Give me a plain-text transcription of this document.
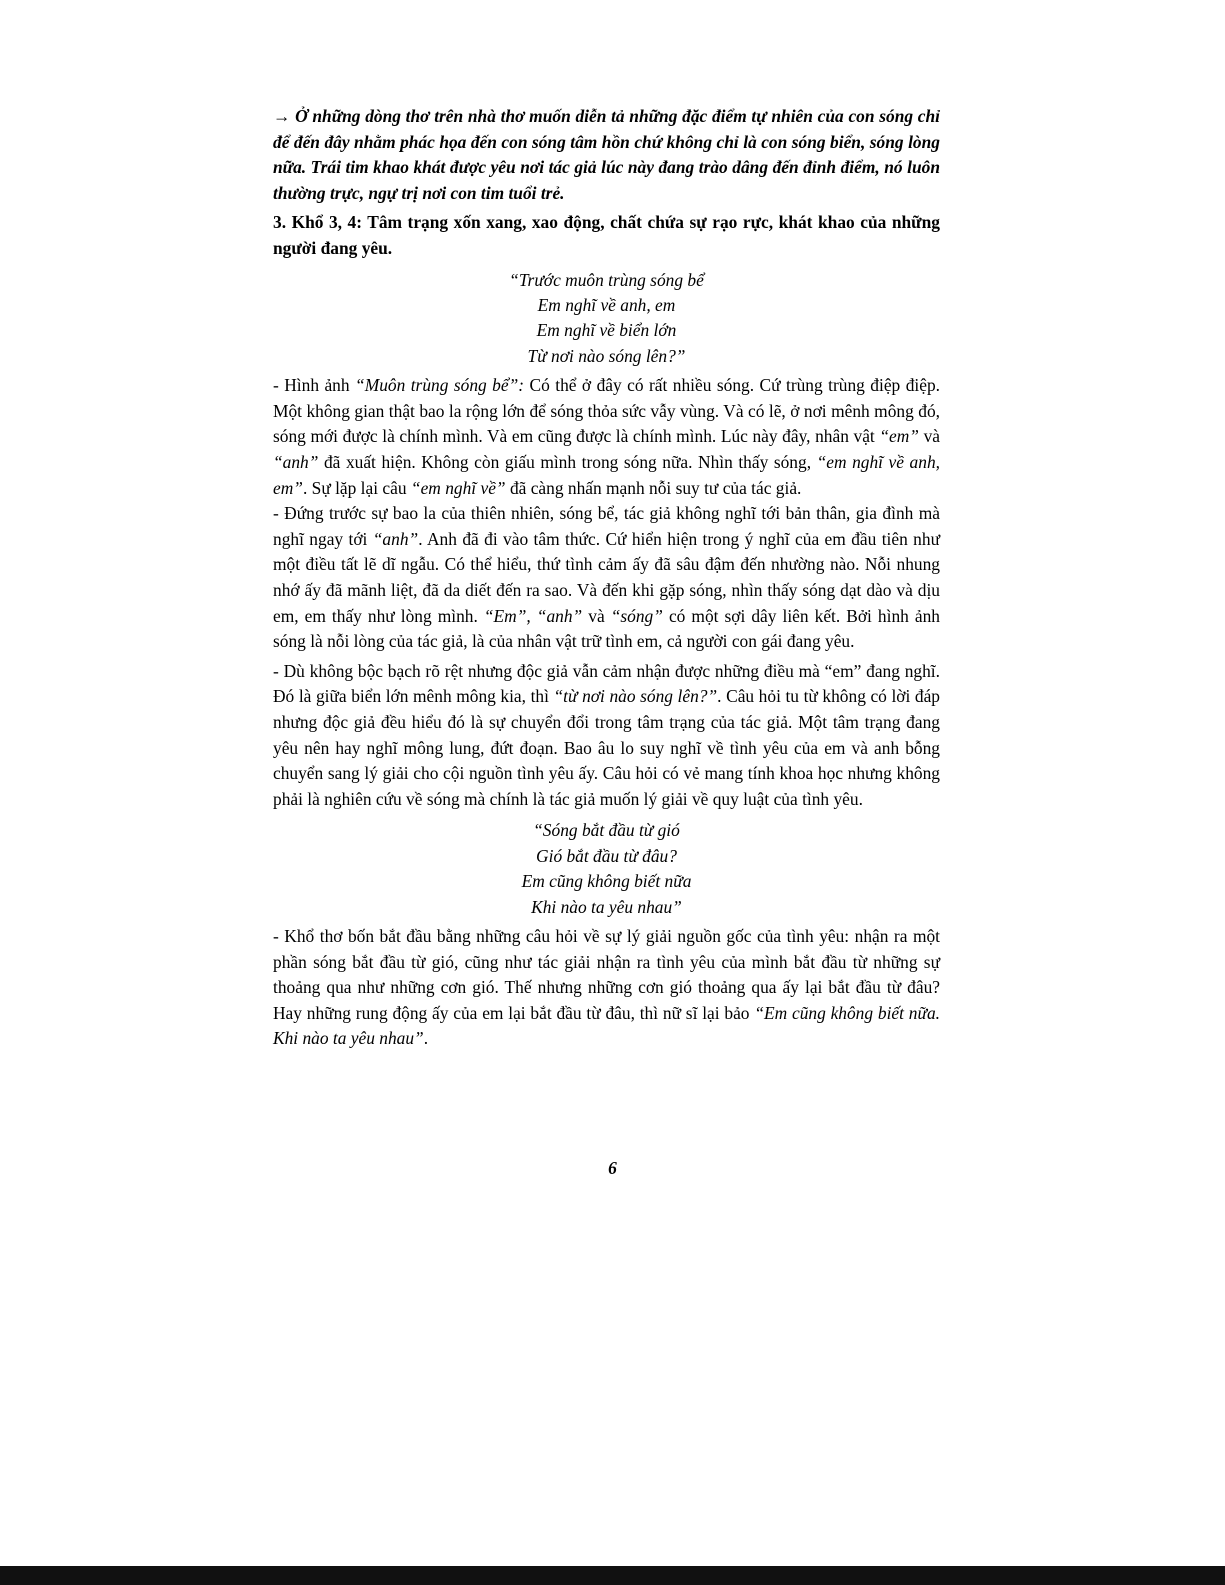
→ Ở những dòng thơ trên nhà thơ muốn diễn tả những đặc điểm tự nhiên của con sóng chỉ để đến đây nhằm phác họa đến con sóng tâm hồn chứ không chỉ là con sóng biển, sóng lòng nữa. Trái tim khao khát được yêu nơi tác giả lúc này đang trào dâng đến đỉnh điểm, nó luôn thường trực, ngự trị nơi con tim tuổi trẻ.

3. Khổ 3, 4: Tâm trạng xốn xang, xao động, chất chứa sự rạo rực, khát khao của những người đang yêu.

“Trước muôn trùng sóng bể
Em nghĩ về anh, em
Em nghĩ về biển lớn
Từ nơi nào sóng lên?”

- Hình ảnh “Muôn trùng sóng bể”: Có thể ở đây có rất nhiều sóng. Cứ trùng trùng điệp điệp. Một không gian thật bao la rộng lớn để sóng thỏa sức vẫy vùng. Và có lẽ, ở nơi mênh mông đó, sóng mới được là chính mình. Và em cũng được là chính mình. Lúc này đây, nhân vật “em” và “anh” đã xuất hiện. Không còn giấu mình trong sóng nữa. Nhìn thấy sóng, “em nghĩ về anh, em”. Sự lặp lại câu “em nghĩ về” đã càng nhấn mạnh nỗi suy tư của tác giả.

- Đứng trước sự bao la của thiên nhiên, sóng bể, tác giả không nghĩ tới bản thân, gia đình mà nghĩ ngay tới “anh”. Anh đã đi vào tâm thức. Cứ hiển hiện trong ý nghĩ của em đầu tiên như một điều tất lẽ dĩ ngẫu. Có thể hiểu, thứ tình cảm ấy đã sâu đậm đến nhường nào. Nỗi nhung nhớ ấy đã mãnh liệt, đã da diết đến ra sao. Và đến khi gặp sóng, nhìn thấy sóng dạt dào và dịu em, em thấy như lòng mình. “Em”, “anh” và “sóng” có một sợi dây liên kết. Bởi hình ảnh sóng là nỗi lòng của tác giả, là của nhân vật trữ tình em, cả người con gái đang yêu.

- Dù không bộc bạch rõ rệt nhưng độc giả vẫn cảm nhận được những điều mà “em” đang nghĩ. Đó là giữa biển lớn mênh mông kia, thì “từ nơi nào sóng lên?”. Câu hỏi tu từ không có lời đáp nhưng độc giả đều hiểu đó là sự chuyển đổi trong tâm trạng của tác giả. Một tâm trạng đang yêu nên hay nghĩ mông lung, đứt đoạn. Bao âu lo suy nghĩ về tình yêu của em và anh bỗng chuyển sang lý giải cho cội nguồn tình yêu ấy. Câu hỏi có vẻ mang tính khoa học nhưng không phải là nghiên cứu về sóng mà chính là tác giả muốn lý giải về quy luật của tình yêu.

“Sóng bắt đầu từ gió
Gió bắt đầu từ đâu?
Em cũng không biết nữa
Khi nào ta yêu nhau”

- Khổ thơ bốn bắt đầu bằng những câu hỏi về sự lý giải nguồn gốc của tình yêu: nhận ra một phần sóng bắt đầu từ gió, cũng như tác giải nhận ra tình yêu của mình bắt đầu từ những sự thoảng qua như những cơn gió. Thế nhưng những cơn gió thoảng qua ấy lại bắt đầu từ đâu? Hay những rung động ấy của em lại bắt đầu từ đâu, thì nữ sĩ lại bảo “Em cũng không biết nữa. Khi nào ta yêu nhau”.

6
